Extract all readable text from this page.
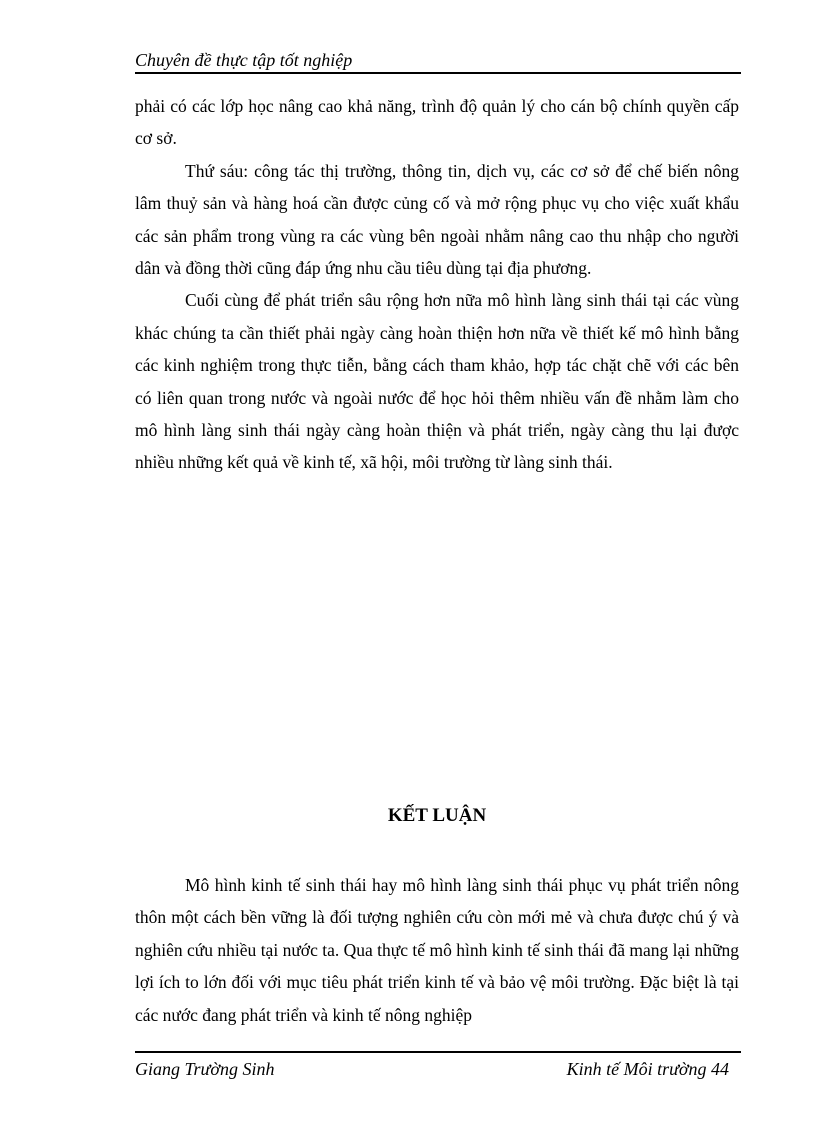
Chuyên đề thực tập tốt nghiệp

phải có các lớp học nâng cao khả năng, trình độ quản lý cho cán bộ chính quyền cấp cơ sở.

Thứ sáu: công tác thị trường, thông tin, dịch vụ, các cơ sở để chế biến nông lâm thuỷ sản và hàng hoá cần được củng cố và mở rộng phục vụ cho việc xuất khẩu các sản phẩm trong vùng ra các vùng bên ngoài nhằm nâng cao thu nhập cho người dân và đồng thời cũng đáp ứng nhu cầu tiêu dùng tại địa phương.

Cuối cùng để phát triển sâu rộng hơn nữa mô hình làng sinh thái tại các vùng khác chúng ta cần thiết phải ngày càng hoàn thiện hơn nữa về thiết kế mô hình bằng các kinh nghiệm trong thực tiễn, bằng cách tham khảo, hợp tác chặt chẽ với các bên có liên quan trong nước và ngoài nước để học hỏi thêm nhiều vấn đề nhằm làm cho mô hình làng sinh thái ngày càng hoàn thiện và phát triển, ngày càng thu lại được nhiều những kết quả về kinh tế, xã hội, môi trường từ làng sinh thái.

KẾT LUẬN

Mô hình kinh tế sinh thái hay mô hình làng sinh thái phục vụ phát triển nông thôn một cách bền vững là đối tượng nghiên cứu còn mới mẻ và chưa được chú ý và nghiên cứu nhiều tại nước ta. Qua thực tế mô hình kinh tế sinh thái đã mang lại những lợi ích to lớn đối với mục tiêu phát triển kinh tế và bảo vệ môi trường. Đặc biệt là tại các nước đang phát triển và kinh tế nông nghiệp

Giang Trường Sinh	Kinh tế Môi trường 44
